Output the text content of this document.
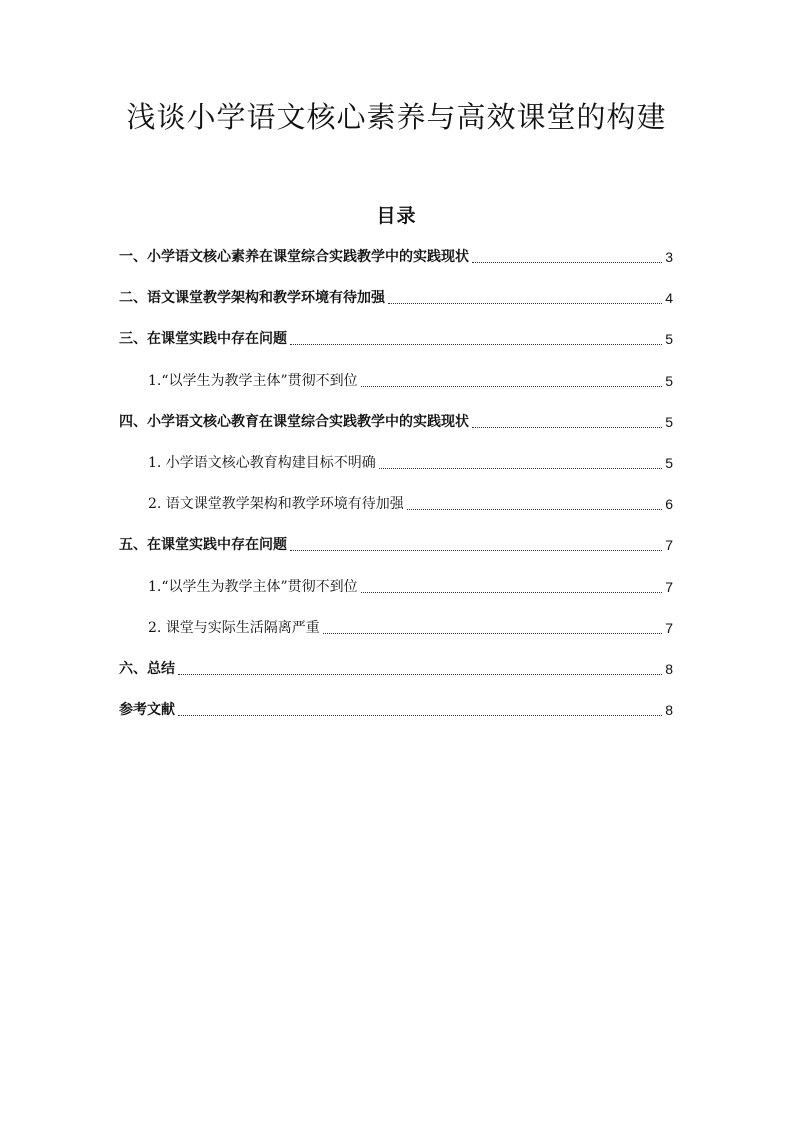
浅谈小学语文核心素养与高效课堂的构建
目录
一、小学语文核心素养在课堂综合实践教学中的实践现状	3
二、语文课堂教学架构和教学环境有待加强	4
三、在课堂实践中存在问题	5
1.“以学生为教学主体”贯彻不到位	5
四、小学语文核心教育在课堂综合实践教学中的实践现状	5
1. 小学语文核心教育构建目标不明确	5
2. 语文课堂教学架构和教学环境有待加强	6
五、在课堂实践中存在问题	7
1.“以学生为教学主体”贯彻不到位	7
2. 课堂与实际生活隔离严重	7
六、总结	8
参考文献	8
